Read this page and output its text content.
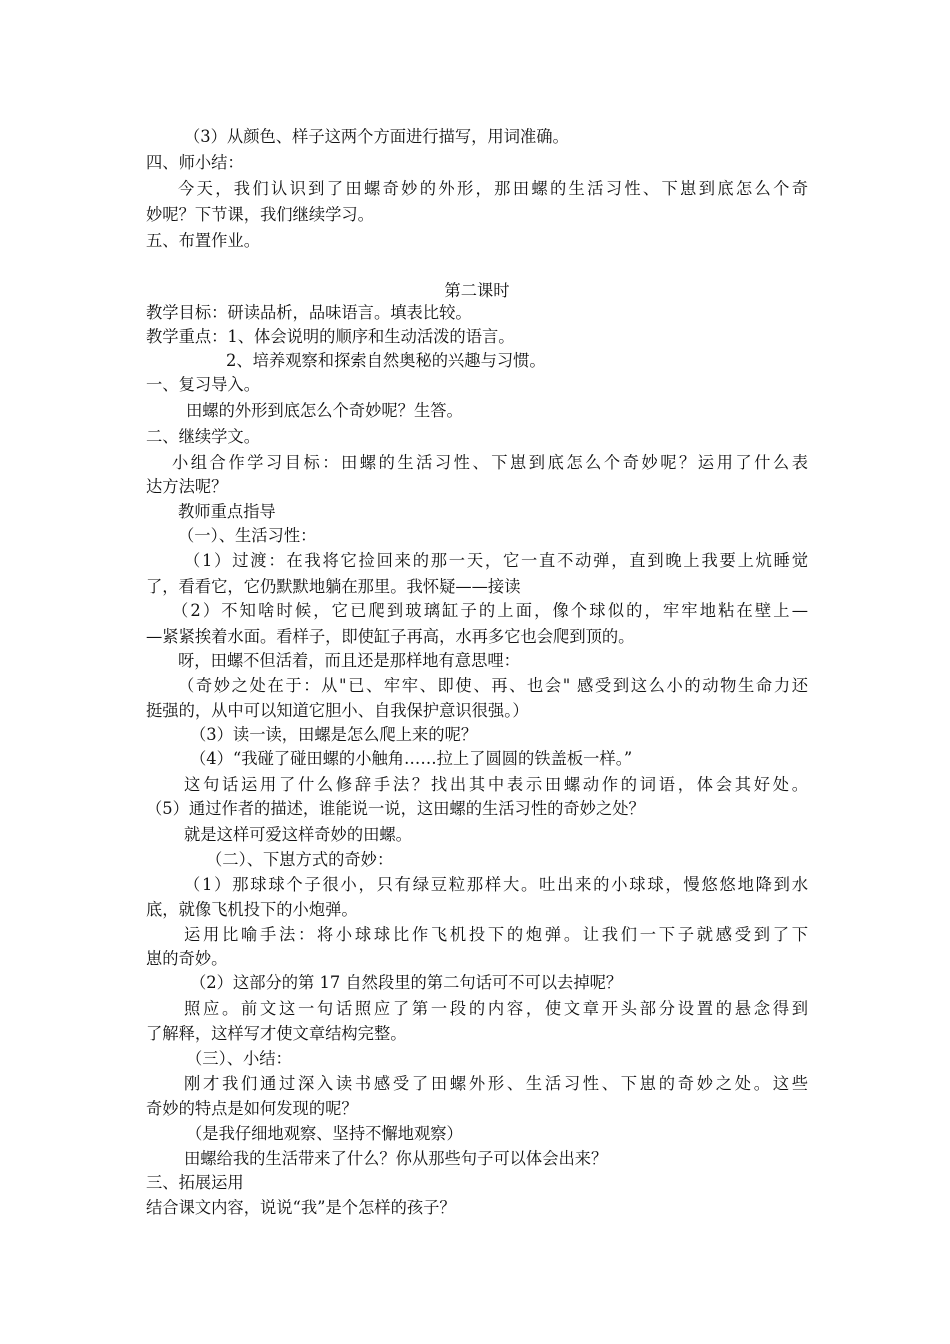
（3）从颜色、样子这两个方面进行描写，用词准确。
四、师小结：
今天，我们认识到了田螺奇妙的外形，那田螺的生活习性、下崽到底怎么个奇
妙呢？下节课，我们继续学习。
五、布置作业。
第二课时
教学目标：研读品析，品味语言。填表比较。
教学重点：1、体会说明的顺序和生动活泼的语言。
2、培养观察和探索自然奥秘的兴趣与习惯。
一、复习导入。
田螺的外形到底怎么个奇妙呢？生答。
二、继续学文。
小组合作学习目标：田螺的生活习性、下崽到底怎么个奇妙呢？运用了什么表
达方法呢？
教师重点指导
（一）、生活习性：
（1）过渡：在我将它捡回来的那一天，它一直不动弹，直到晚上我要上炕睡觉
了，看看它，它仍默默地躺在那里。我怀疑——接读
（2）不知啥时候，它已爬到玻璃缸子的上面，像个球似的，牢牢地粘在壁上—
—紧紧挨着水面。看样子，即使缸子再高，水再多它也会爬到顶的。
呀，田螺不但活着，而且还是那样地有意思哩：
（奇妙之处在于：从"已、牢牢、即使、再、也会" 感受到这么小的动物生命力还
挺强的，从中可以知道它胆小、自我保护意识很强。）
（3）读一读，田螺是怎么爬上来的呢？
（4）“我碰了碰田螺的小触角……拉上了圆圆的铁盖板一样。”
这句话运用了什么修辞手法？找出其中表示田螺动作的词语，体会其好处。
（5）通过作者的描述，谁能说一说，这田螺的生活习性的奇妙之处？
就是这样可爱这样奇妙的田螺。
（二）、下崽方式的奇妙：
（1）那球球个子很小，只有绿豆粒那样大。吐出来的小球球，慢悠悠地降到水
底，就像飞机投下的小炮弹。
运用比喻手法：将小球球比作飞机投下的炮弹。让我们一下子就感受到了下
崽的奇妙。
（2）这部分的第 17 自然段里的第二句话可不可以去掉呢？
照应。前文这一句话照应了第一段的内容，使文章开头部分设置的悬念得到
了解释，这样写才使文章结构完整。
（三）、小结：
刚才我们通过深入读书感受了田螺外形、生活习性、下崽的奇妙之处。这些
奇妙的特点是如何发现的呢？
（是我仔细地观察、坚持不懈地观察）
田螺给我的生活带来了什么？你从那些句子可以体会出来？
三、拓展运用
结合课文内容，说说“我”是个怎样的孩子？
